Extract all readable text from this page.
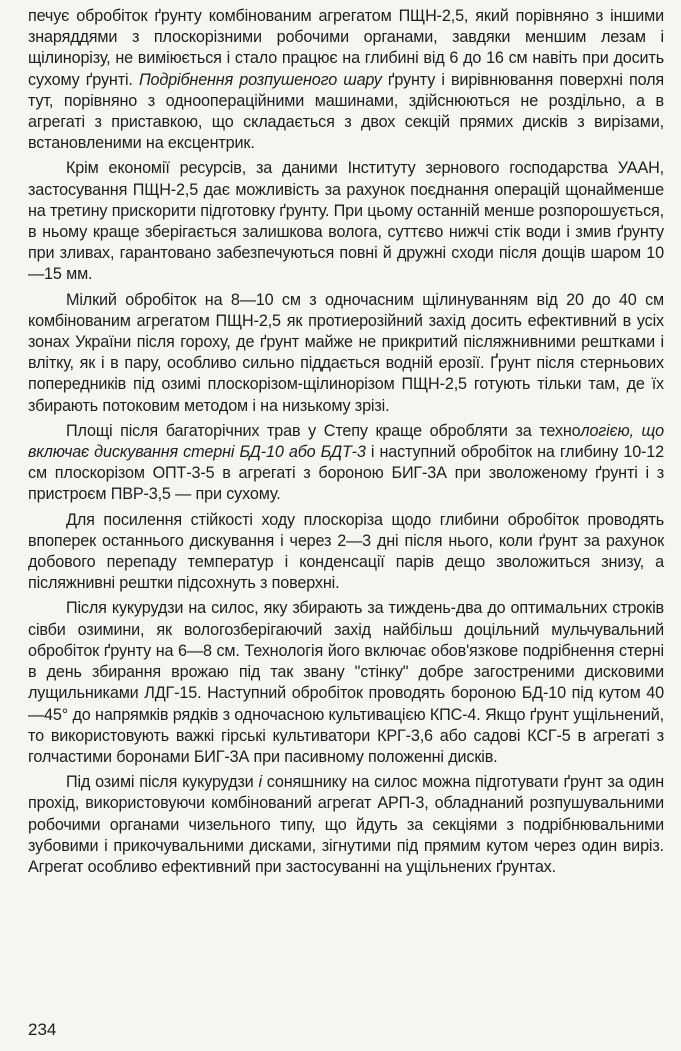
печує обробіток ґрунту комбінованим агрегатом ПЩН-2,5, який порівняно з іншими знаряддями з плоскорізними робочими органами, завдяки меншим лезам і щілинорізу, не виміюється і стало працює на глибині від 6 до 16 см навіть при досить сухому ґрунті. Подрібнення розпушеного шару ґрунту і вирівнювання поверхні поля тут, порівняно з одноопераційними машинами, здійснюються не роздільно, а в агрегаті з приставкою, що складається з двох секцій прямих дисків з вирізами, встановленими на ексцентрик.

Крім економії ресурсів, за даними Інституту зернового господарства УААН, застосування ПЩН-2,5 дає можливість за рахунок поєднання операцій щонайменше на третину прискорити підготовку ґрунту. При цьому останній менше розпорошується, в ньому краще зберігається залишкова волога, суттєво нижчі стік води і змив ґрунту при зливах, гарантовано забезпечуються повні й дружні сходи після дощів шаром 10—15 мм.

Мілкий обробіток на 8—10 см з одночасним щілинуванням від 20 до 40 см комбінованим агрегатом ПЩН-2,5 як протиерозійний захід досить ефективний в усіх зонах України після гороху, де ґрунт майже не прикритий післяжнивними рештками і влітку, як і в пару, особливо сильно піддається водній ерозії. Ґрунт після стерньових попередників під озимі плоскорізом-щілинорізом ПЩН-2,5 готують тільки там, де їх збирають потоковим методом і на низькому зрізі.

Площі після багаторічних трав у Степу краще обробляти за технологією, що включає дискування стерні БД-10 або БДТ-3 і наступний обробіток на глибину 10-12 см плоскорізом ОПТ-3-5 в агрегаті з бороною БИГ-3А при зволоженому ґрунті і з пристроєм ПВР-3,5 — при сухому.

Для посилення стійкості ходу плоскоріза щодо глибини обробіток проводять впоперек останнього дискування і через 2—3 дні після нього, коли ґрунт за рахунок добового перепаду температур і конденсації парів дещо зволожиться знизу, а післяжнивні рештки підсохнуть з поверхні.

Після кукурудзи на силос, яку збирають за тиждень-два до оптимальних строків сівби озимини, як вологозберігаючий захід найбільш доцільний мульчувальний обробіток ґрунту на 6—8 см. Технологія його включає обов'язкове подрібнення стерні в день збирання врожаю під так звану "стінку" добре загостреними дисковими лущильниками ЛДГ-15. Наступний обробіток проводять бороною БД-10 під кутом 40—45° до напрямків рядків з одночасною культивацією КПС-4. Якщо ґрунт ущільнений, то використовують важкі гірські культиватори КРГ-3,6 або садові КСГ-5 в агрегаті з голчастими боронами БИГ-3А при пасивному положенні дисків.

Під озимі після кукурудзи і соняшнику на силос можна підготувати ґрунт за один прохід, використовуючи комбінований агрегат АРП-3, обладнаний розпушувальними робочими органами чизельного типу, що йдуть за секціями з подрібнювальними зубовими і прикочувальними дисками, зігнутими під прямим кутом через один виріз. Агрегат особливо ефективний при застосуванні на ущільнених ґрунтах.

234
